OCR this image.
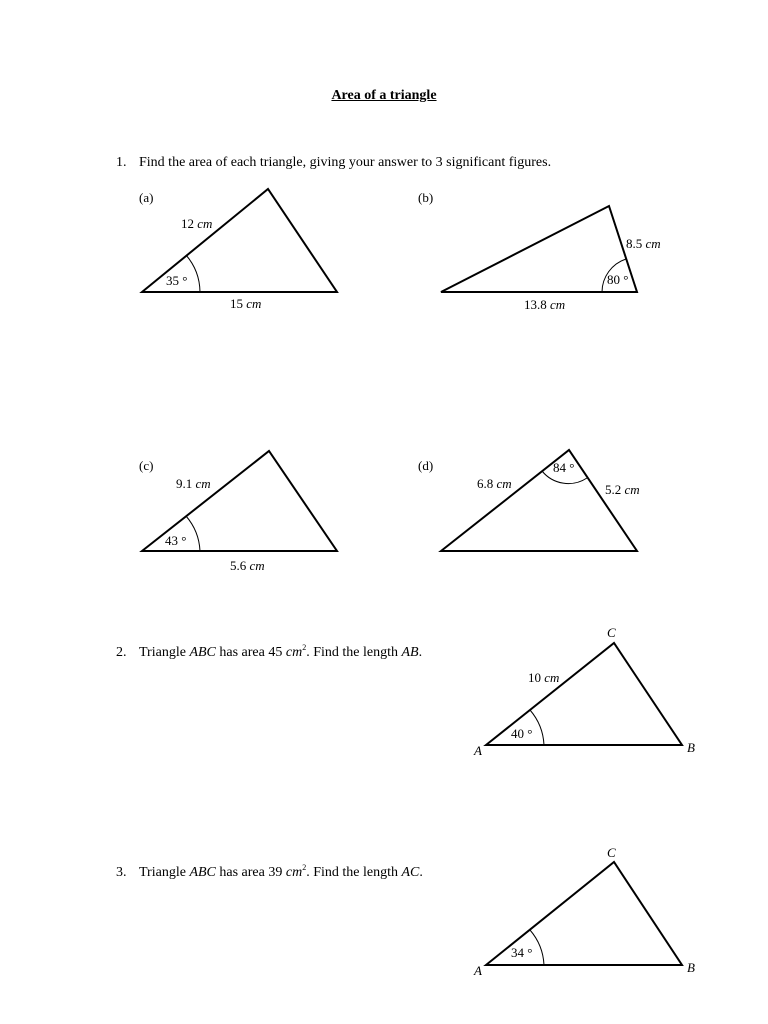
Area of a triangle
1. Find the area of each triangle, giving your answer to 3 significant figures.
2. Triangle ABC has area 45 $cm^2$. Find the length AB.
3. Triangle ABC has area 39 $cm^2$. Find the length AC.
(a)
35 °
12 cm
15 cm
(b)
80 °
8.5 cm
13.8 cm
(c)
43 °
9.1 cm
5.6 cm
(d)	84 °
6.8 cm	5.2 cm
40 °
10 cm
A	B
C
34 °
A	B
C
